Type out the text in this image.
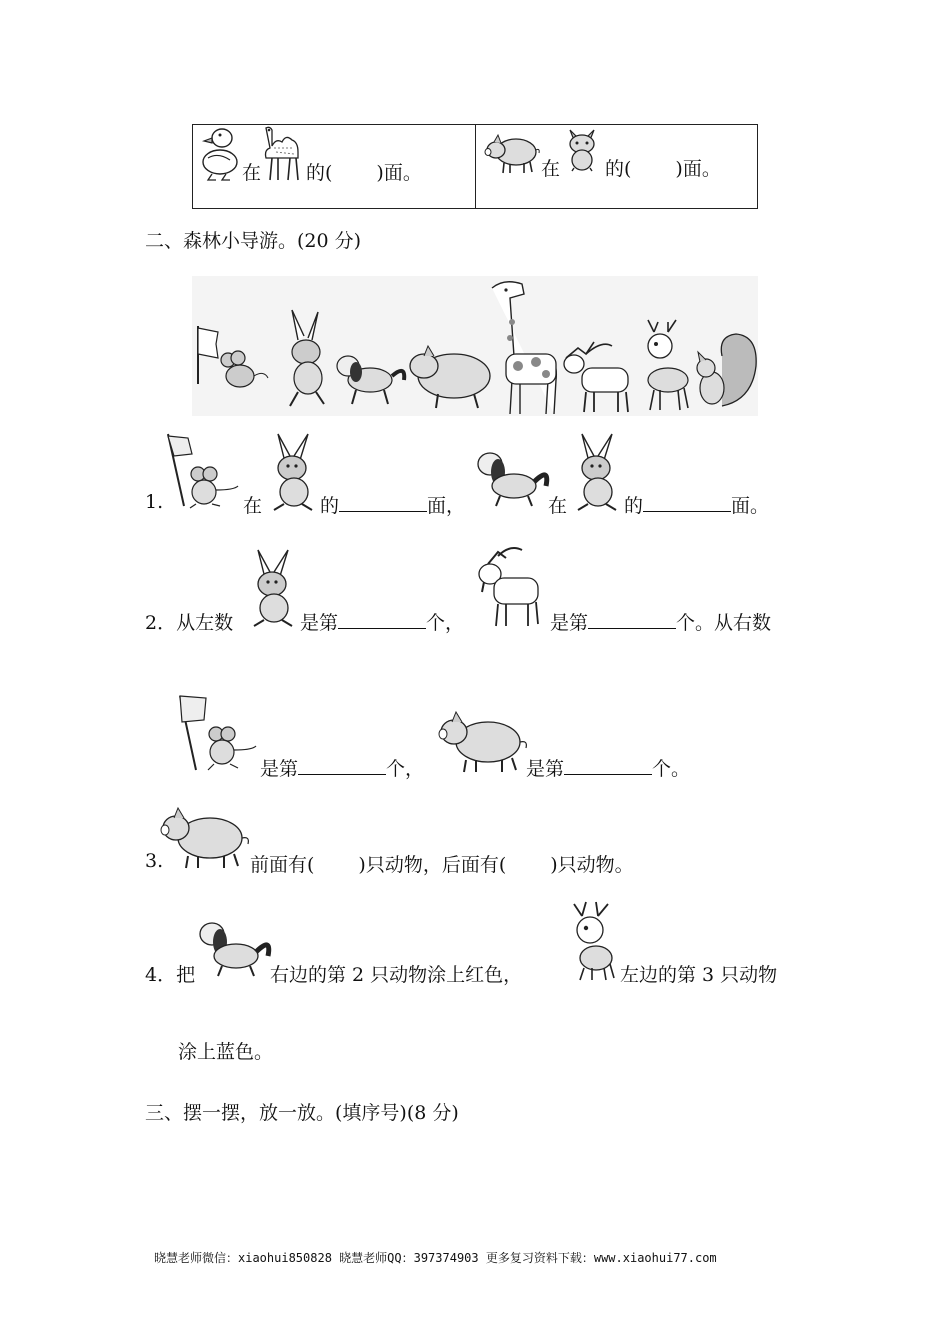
在 的( )面。	在 的( )面。
二、森林小导游。(20 分)
1.	在	的	面，	在	的	面。
2．从左数	是第	个，	是第	个。从右数
是第	个，	是第	个。
3.	前面有( )只动物，后面有( )只动物。
4．把	右边的第 2 只动物涂上红色，	左边的第 3 只动物
涂上蓝色。
三、摆一摆，放一放。(填序号)(8 分)
晓慧老师微信：xiaohui850828 晓慧老师QQ：397374903 更多复习资料下载：www.xiaohui77.com
